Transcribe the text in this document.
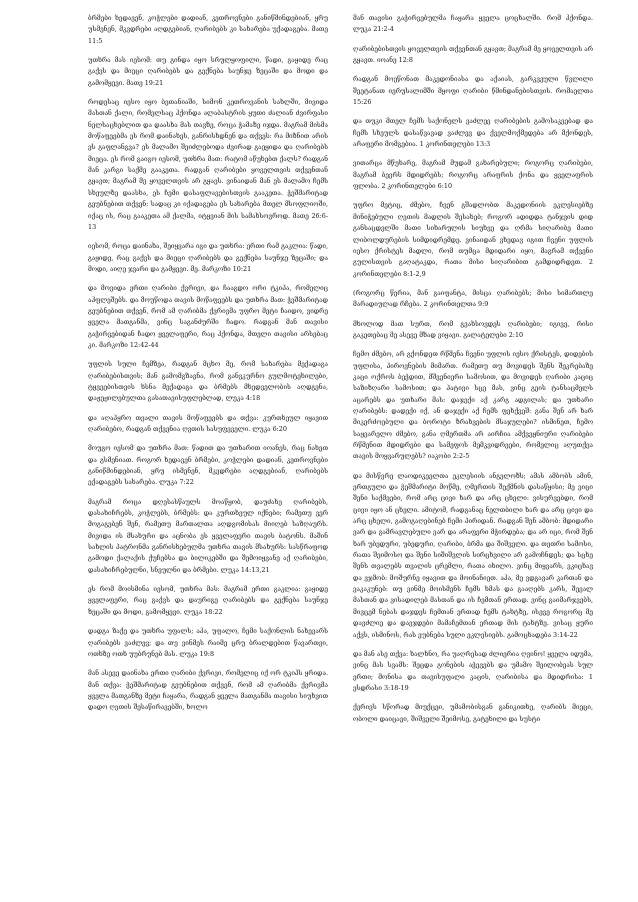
ბრმები ხედავენ, კოჭლები დადიან, კეთროვნები განიწმინდებიან, ყრუ უსმენენ, მკვდრები აღდგებიან, ღარიბებს კი სახარება უქადაგება. მათე 11:5

უთხრა მას იესომ: თუ გინდა იყო სრულყოფილი, წადი, გაყიდე რაც გაქვს და მიეცი ღარიბებს და გექნება საუნჯე ზეცაში და მოდი და გამომყევი. მათე 19:21

როდესაც იესო იყო ბეთანიაში, სიმონ კეთროვანის სახლში, მივიდა მასთან ქალი, რომელსაც ჰქონდა ალაბასტრის ყუთი ძალიან ძვირფასი ნელსაცხებლით და დაასხა მას თავზე, როცა ჭამაზე იჯდა. მაგრამ მისმა მოწაფეებმა ეს რომ დაინახეს, განრისხდნენ და თქვეს: რა მიზნით არის ეს გაფლანგვა? ეს მალამო შეიძლებოდა ძვირად გაეყიდა და ღარიბებს მიეცა. ეს რომ გაიგო იესომ, უთხრა მათ: რატომ აწუხებთ ქალს? რადგან მან კარგი საქმე გააკეთა. რადგან ღარიბები ყოველთვის თქვენთან გყავთ; მაგრამ მე ყოველთვის არ გყავს. ვინაიდან მან ეს მალამო ჩემს სხეულზე დაასხა, ეს ჩემი დასაფლავებისთვის გააკეთა. ჭეშმარიტად გეუბნებით თქვენ: სადაც კი იქადაგება ეს სახარება მთელ მსოფლიოში, იქაც ის, რაც გააკეთა ამ ქალმა, იტყვიან მის სამახსოვროდ. მათე 26:6-13

იესომ, როცა დაინახა, შეიყვარა იგი და უთხრა: ერთი რამ გაკლია: წადი, გაყიდე, რაც გაქვს და მიეცი ღარიბებს და გექნება საუნჯე ზეცაში; და მოდი, აიღე ჯვარი და გამყევი. მე. მარკოზი 10:21

და მოვიდა ერთი ღარიბი ქვრივი, და ჩააგდო ორი ტკიპა, რომელიც აჰფლეშებს. და მოუწოდა თავის მოწაფეებს და უთხრა მათ: ჭეშმარიტად გეუბნებით თქვენ, რომ ამ ღარიბმა ქვრივმა უფრო მეტი ჩაიდო, ვიდრე ყველა მათგანმა, ვინც საგანძურში ჩადო. რადგან მან თავისი გაჭირვებიდან ჩადო ყველაფერი, რაც ჰქონდა, მთელი თავისი არსებაც კი. მარკოზი 12:42-44

უფლის სული ჩემზეა, რადგან მცხო მე, რომ სახარება მექადაგა ღარიბებისთვის; მან გამომგზავნა, რომ განვკურნო გულმოტეხილები, ტყვეებისთვის ხსნა მექადაგა და ბრმებს მხედველობის აღდგენა, დაჟეჟილებულთა გასათავისუფლებლად, ლუკა 4:18

და აღაპყრო თვალი თავის მოწაფეებს და თქვა: კურთხეულ იყავით ღარიბებო, რადგან თქვენია ღვთის სასუფეველი. ლუკა 6:20

მოუგო იესომ და უთხრა მათ: წადით და უთხარით იოანეს, რაც ნახეთ და გსმენიათ. როგორ ხედავენ ბრმები, კოჭლები დადიან, კეთროვნები განიწმინდებიან, ყრუ ისმენენ, მკვდრები აღდგებიან, ღარიბებს ექადაგებს სახარება. ლუკა 7:22

მაგრამ როცა დღესასწაულს მოაწყობ, დაუძახე ღარიბებს, დასახიჩრებს, კოჭლებს, ბრმებს: და კურთხეულ იქნები; რამეთუ ვერ მოგაგებენ შენ, რამეთუ მართალთა აღდგომისას მიიღებ საზღაურს. მივიდა ის მსახური და აცნობა ეს ყველაფერი თავის ბატონს. მაშინ სახლის პატრონმა განრისხებულმა უთხრა თავის მსახურს: სასწრაფოდ გამოდი ქალაქის ქუჩებსა და ბილიკებში და შემოიყვანე აქ ღარიბები, დასახიჩრებულნი, სნეულნი და ბრმები. ლუკა 14:13,21

ეს რომ მოისმინა იესომ, უთხრა მას: მაგრამ ერთი გაკლია: გაყიდე ყველაფერი, რაც გაქვს და დაურიგე ღარიბებს და გექნება საუნჯე ზეცაში და მოდი, გამომყევი. ლუკა 18:22

დადგა ზაქე და უთხრა უფალს; აჰა, უფალო, ჩემი საქონლის ნახევარს ღარიბებს ვაძლევ; და თუ ვინმეს რაიმე ცრუ ბრალდებით წავართვი, ოთხზე ოთხ უუბრუნებ მას. ლუკა 19:8

მან ასევე დაინახა ერთი ღარიბი ქვრივი, რომელიც იქ ორ ტკიპს ყრიდა. მან თქვა: ჭეშმარიტად გეუბნებით თქვენ, რომ ამ ღარიბმა ქვრივმა ყველა მათგანზე მეტი ჩაყარა, რადგან ყველა მათგანმა თავისი სიუხვით დადო ღვთის შესაწირავებში, ხოლო

მან თავისი გაჭირვებულმა ჩაყარა ყველა ცოცხალში. რომ ჰქონდა. ლუკა 21:2-4

ღარიბებისთვის ყოველთვის თქვენთან გყავთ; მაგრამ მე ყოველთვის არ გყავთ. იოანე 12:8

რადგან მოეწონათ მაკედონიასა და აქაიას, გარკვეული წვლილი შეეტანათ იერუსალიმში მყოფი ღარიბი წმინდანებისთვის. რომაელთა 15:26

და თუკი მთელ ჩემს საქონელს ვაძლევ ღარიბების გამოსაკვებად და ჩემს სხეულს დასაწვავად ვაძლევ და ქველმოქმედება არ მქონდეს, არაფერი მომგებია. 1 კორინთელები 13:3

ვითარცა მწუხარე, მაგრამ მუდამ გახარებული; როგორც ღარიბები, მაგრამ ბევრს მდიდრებს; როგორც არაფრის ქონა და ყველაფრის ფლობა. 2 კორინთელები 6:10

უფრო მეტიც, ძმებო, ჩვენ გშადლობთ მაკედონიის ეკლესიებზე მინიჭებული ღვთის მადლის შესახებ; როგორ ადიდდა ტანჯვის დიდ განსაცდელში მათი სიხარულის სიუხვე და ღრმა სიღარიბე მათი ლიბოლდურების სიმდიდრემდე. ვინაიდან ვხედავ იგით ჩვენი უფლის იესო ქრისტეს მადლი, რომ თუმცა მდიდარი იყო, მაგრამ თქვენი გულისთვის გაღატაკდა, რათა მისი სიღარიბით გამდიდრდეთ. 2 კორინთელები 8:1-2,9

(როგორც წერია, მან გაიფანტა, მისცა ღარიბებს; მისი სიმართლე მარადიულად რჩება. 2 კორინთელთა 9:9

მხოლოდ მათ სურთ, რომ გვახსოვდეს ღარიბები; იგივე, რისი გაკეთებაც მე ასევე მზად ვიყავი. გალატელები 2:10

ჩემო ძმებო, არ გქონდეთ რწმენა ჩვენი უფლის იესო ქრისტეს, დიდების უფლისა, პიროვნების მიმართ. რამეთუ თუ მოვიდეს შენს შეკრებაზე კაცი ოქროს ბეჭდით, მშვენიერი სამოსით, და მოვიდეს ღარიბი კაციც საზიზღარი სამოსით; და პატივი სცე მას, ვინც გეის ტანსაცმელს აცარებს და უთხარი მას: დაჯექი აქ კარგ ადგილას; და უთხარი ღარიბებს: დადექი იქ, ან დაჯექი აქ ჩემს ფეხქვეშ: განა შენ არ ხარ მიკერძოებული და ბოროტი ზრახვების მსაჯულები? ისმინეთ, ჩემო საყვარელო ძმებო, განა ღმერთმა არ აირჩია ამქვეყნიური ღარიბები რწმენით მდიდრები და სამეფოს მემკვიდრეები, რომელიც აღუთქვა თავის მოყვარულებს? იაკობი 2:2-5

და მისწვრე ლაოდიკეელთა ეკლესიის ანგელოზს; ამას ამბობს ამინ, ერთგული და ჭეშმარიტი მოწმე, ღმერთის შექმნის დასაწყისი; მე ვიცი შენი საქმეები, რომ არც ცივი ხარ და არც ცხელი: ვისურვებდი, რომ ცივი იყო ან ცხელი. ამიტომ, რადგანაც ნელთბილი ხარ და არც ცივი და არც ცხელი, გამოგაღებინებ ჩემი პირიდან. რადგან შენ ამბობ: მდიდარი ვარ და გამრავლებული ვარ და არაფერი მჭირდება; და არ იცი, რომ შენ ხარ უბედური, უბედური, ღარიბი, ბრმა და შიშველი. და თეთრი სამოსი, რათა შეიმოსო და შენი სიშიშვლის სირცხვილი არ გამოჩნდეს; და სცხე შენს თვალებს თვალის ცრემლი, რათა იხილო. ვინც მიყვარს, ვკიცხავ და ვჯმობ: მოშურნე იყავით და მოინანიეთ. აჰა, მე ვდგავარ კართან და ვაკაკუნებ: თუ ვინმე მოისმენს ჩემს ხმას და გააღებს კარს, შევალ მასთან და ვისადილებ მასთან და ის ჩემთან ერთად. ვინც გაიმარჯვებს, მივცემ ნებას დაჯდეს ჩემთან ერთად ჩემს ტახტზე, ისევე როგორც მე დავძლიე და დავჯდები მამაჩემთან ერთად მის ტახტზე. ვისაც ყური აქვს, ისმინოს, რას ეუბნება სული ეკლესიებს. გამოცხადება 3:14-22

და მან ასე თქვა: ხალხნო, რა უაღრესად ძლიერია ღვინო! ყველა იდუმა, ვინც მას სვამს: შეცდა გონების აჭევებს და უმამო შეილობეას სულ ერთი; მონისა და თავისუფალი კაცის, ღარიბისა და მდიდრისა: 1 ესდრასი 3:18-19

ქვრივს სწორად მიუქცეი, უმამობისგან განიკითხე, ღარიბს მიეცი, ობოლი დაიცავი, შიშველი შეიმოსე, გატეხილი და სუსტი
